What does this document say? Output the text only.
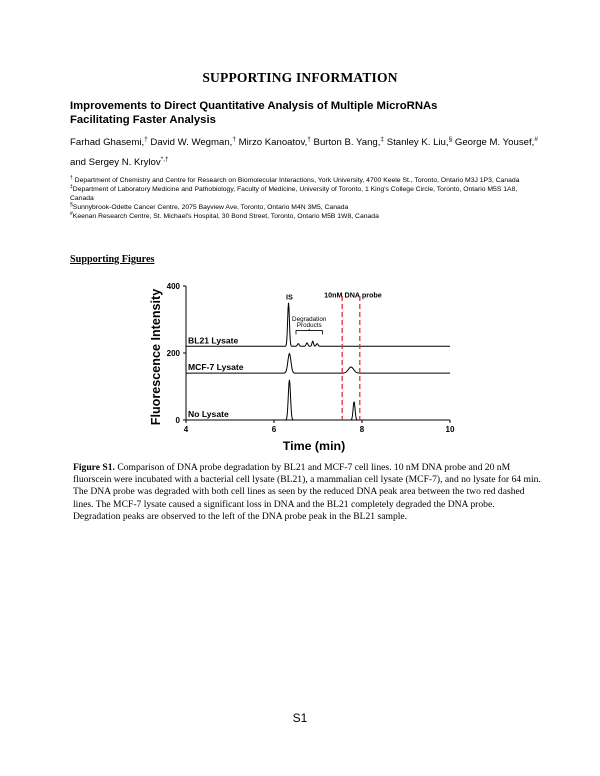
SUPPORTING INFORMATION
Improvements to Direct Quantitative Analysis of Multiple MicroRNAs
Facilitating Faster Analysis
Farhad Ghasemi,† David W. Wegman,† Mirzo Kanoatov,† Burton B. Yang,‡ Stanley K. Liu,§ George M. Yousef,# and Sergey N. Krylov*,†
† Department of Chemistry and Centre for Research on Biomolecular Interactions, York University, 4700 Keele St., Toronto, Ontario M3J 1P3, Canada
‡Department of Laboratory Medicine and Pathobiology, Faculty of Medicine, University of Toronto, 1 King's College Circle, Toronto, Ontario M5S 1A8, Canada
§Sunnybrook-Odette Cancer Centre, 2075 Bayview Ave, Toronto, Ontario M4N 3M5, Canada
#Keenan Research Centre, St. Michael's Hospital, 30 Bond Street, Toronto, Ontario M5B 1W8, Canada
Supporting Figures
Fluorescence Intensity
Time (min)
IS	10nM DNA probe
Degradation
Products
No Lysate
MCF-7 Lysate
BL21 Lysate
4	6	8	10
0
200
400
Figure S1. Comparison of DNA probe degradation by BL21 and MCF-7 cell lines. 10 nM DNA probe and 20 nM fluorscein were incubated with a bacterial cell lysate (BL21), a mammalian cell lysate (MCF-7), and no lysate for 64 min. The DNA probe was degraded with both cell lines as seen by the reduced DNA peak area between the two red dashed lines. The MCF-7 lysate caused a significant loss in DNA and the BL21 completely degraded the DNA probe. Degradation peaks are observed to the left of the DNA probe peak in the BL21 sample.
S1
